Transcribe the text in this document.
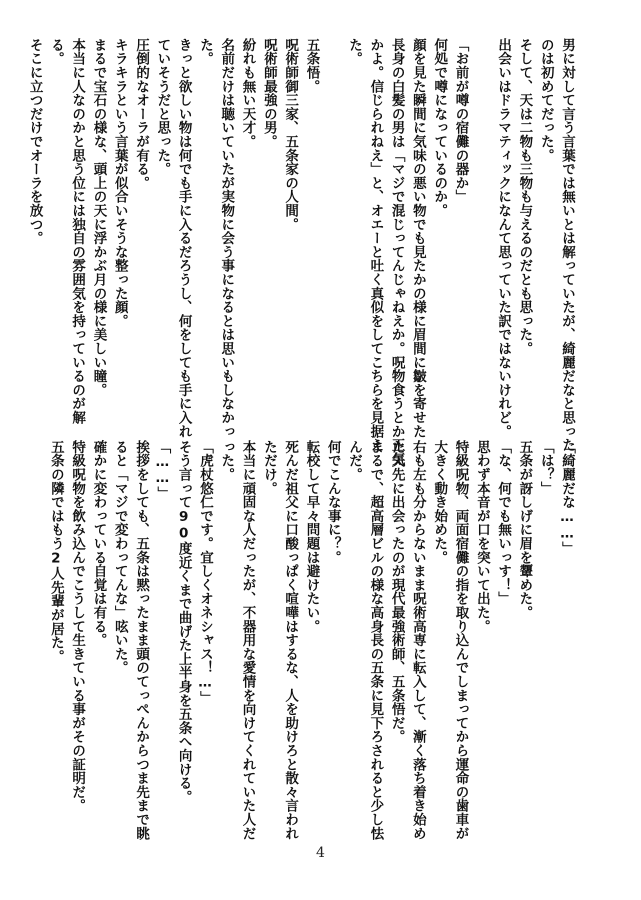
男に対して言う言葉では無いとは解っていたが、綺麗だなと思った
のは初めてだった。
そして、天は二物も三物も与えるのだとも思った。
出会いはドラマティックになんて思っていた訳ではないけれど。
「お前が噂の宿儺の器か」
何処で噂になっているのか。
顔を見た瞬間に気味の悪い物でも見たかの様に眉間に皺を寄せた
長身の白髪の男は「マジで混じってんじゃねえか。呪物食うとか正気
かよ。信じられねえ」と、オエーと吐く真似をしてこちらを見据え
た。
五条悟。
呪術師御三家、五条家の人間。
呪術師最強の男。
紛れも無い天才。
名前だけは聴いていたが実物に会う事になるとは思いもしなかっ
た。
きっと欲しい物は何でも手に入るだろうし、何をしても手に入れ
ていそうだと思った。
圧倒的なオーラが有る。
キラキラという言葉が似合いそうな整った顔。
まるで宝石の様な、頭上の天に浮かぶ月の様に美しい瞳。
本当に人なのかと思う位には独自の雰囲気を持っているのが解
る。
そこに立つだけでオーラを放つ。
「綺麗だな……」
「は？」
五条が訝しげに眉を顰めた。
「な、何でも無いっす！」
思わず本音が口を突いて出た。
特級呪物、両面宿儺の指を取り込んでしまってから運命の歯車が
大きく動き始めた。
右も左も分からないまま呪術高専に転入して、漸く落ち着き始め
た矢先に出会ったのが現代最強術師、五条悟だ。
まるで、超高層ビルの様な高身長の五条に見下ろされると少し怯
んだ。
何でこんな事に？。
転校して早々問題は避けたい。
死んだ祖父に口酸っぱく喧嘩はするな、人を助けろと散々言われ
ただけ。
本当に頑固な人だったが、不器用な愛情を向けてくれていた人だ
った。
「虎杖悠仁です。宜しくオネシャス！…」
そう言って90度近くまで曲げた上半身を五条へ向ける。
「……」
挨拶をしても、五条は黙ったまま頭のてっぺんからつま先まで眺
ると「マジで変わってんな」呟いた。
確かに変わっている自覚は有る。
特級呪物を飲み込んでこうして生きている事がその証明だ。
五条の隣ではもう2人先輩が居た。
4
